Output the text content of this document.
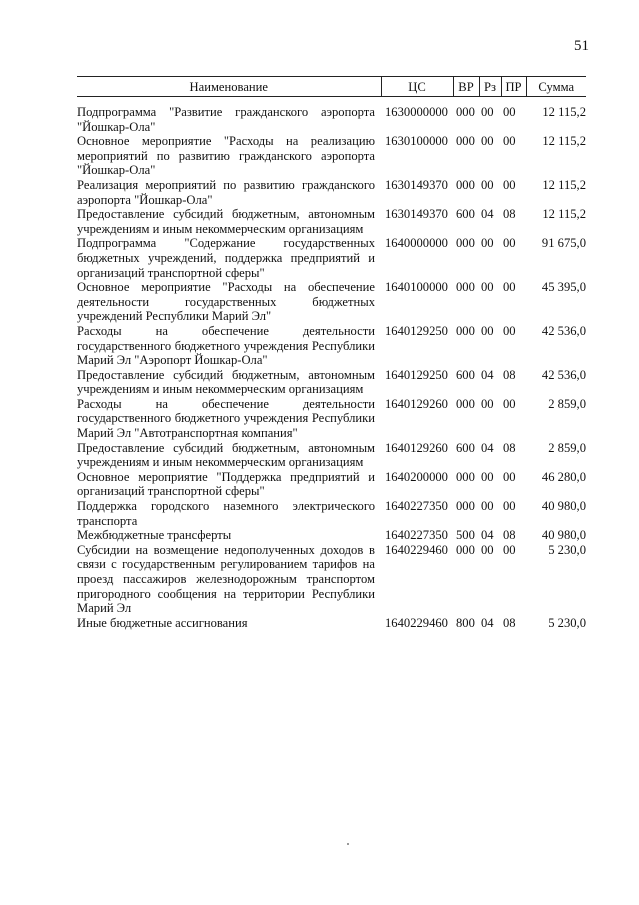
51
Наименование	ЦС	ВР	Рз	ПР	Сумма
Подпрограмма "Развитие гражданского аэропорта "Йошкар-Ола"	1630000000	000	00	00	12 115,2
Основное мероприятие "Расходы на реализацию мероприятий по развитию гражданского аэропорта "Йошкар-Ола"	1630100000	000	00	00	12 115,2
Реализация мероприятий по развитию гражданского аэропорта "Йошкар-Ола"	1630149370	000	00	00	12 115,2
Предоставление субсидий бюджетным, автономным учреждениям и иным некоммерческим организациям	1630149370	600	04	08	12 115,2
Подпрограмма "Содержание государственных бюджетных учреждений, поддержка предприятий и организаций транспортной сферы"	1640000000	000	00	00	91 675,0
Основное мероприятие "Расходы на обеспечение деятельности государственных бюджетных учреждений Республики Марий Эл"	1640100000	000	00	00	45 395,0
Расходы на обеспечение деятельности государственного бюджетного учреждения Республики Марий Эл "Аэропорт Йошкар-Ола"	1640129250	000	00	00	42 536,0
Предоставление субсидий бюджетным, автономным учреждениям и иным некоммерческим организациям	1640129250	600	04	08	42 536,0
Расходы на обеспечение деятельности государственного бюджетного учреждения Республики Марий Эл "Автотранспортная компания"	1640129260	000	00	00	2 859,0
Предоставление субсидий бюджетным, автономным учреждениям и иным некоммерческим организациям	1640129260	600	04	08	2 859,0
Основное мероприятие "Поддержка предприятий и организаций транспортной сферы"	1640200000	000	00	00	46 280,0
Поддержка городского наземного электрического транспорта	1640227350	000	00	00	40 980,0
Межбюджетные трансферты	1640227350	500	04	08	40 980,0
Субсидии на возмещение недополученных доходов в связи с государственным регулированием тарифов на проезд пассажиров железнодорожным транспортом пригородного сообщения на территории Республики Марий Эл	1640229460	000	00	00	5 230,0
Иные бюджетные ассигнования	1640229460	800	04	08	5 230,0
